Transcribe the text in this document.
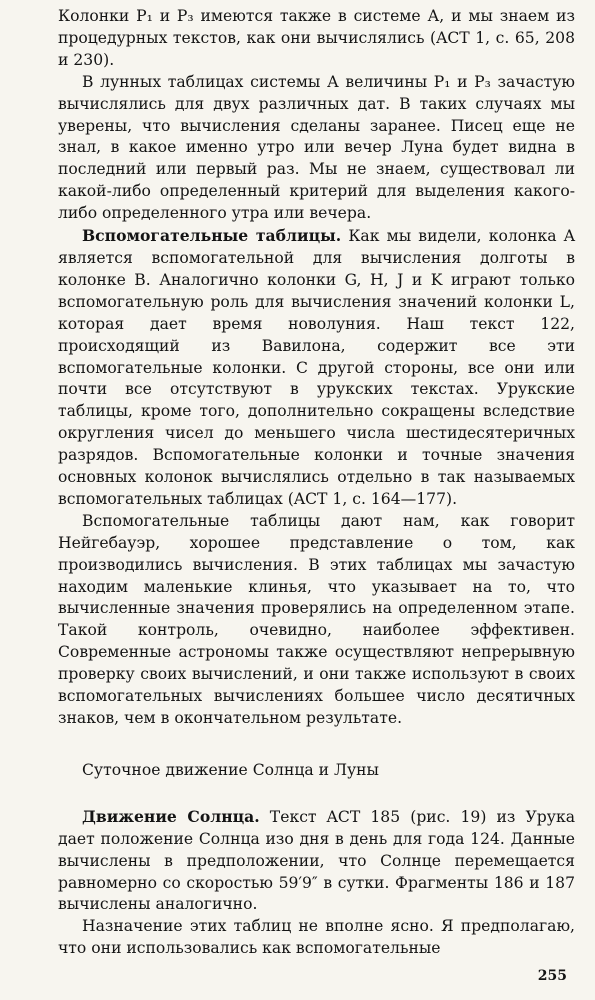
Колонки P₁ и P₃ имеются также в системе А, и мы знаем из процедурных текстов, как они вычислялись (ACT 1, с. 65, 208 и 230).

В лунных таблицах системы А величины P₁ и P₃ зачастую вычислялись для двух различных дат. В таких случаях мы уверены, что вычисления сделаны заранее. Писец еще не знал, в какое именно утро или вечер Луна будет видна в последний или первый раз. Мы не знаем, существовал ли какой-либо определенный критерий для выделения какого-либо определенного утра или вечера.

Вспомогательные таблицы. Как мы видели, колонка A является вспомогательной для вычисления долготы в колонке B. Аналогично колонки G, H, J и K играют только вспомогательную роль для вычисления значений колонки L, которая дает время новолуния. Наш текст 122, происходящий из Вавилона, содержит все эти вспомогательные колонки. С другой стороны, все они или почти все отсутствуют в урукских текстах. Урукские таблицы, кроме того, дополнительно сокращены вследствие округления чисел до меньшего числа шестидесятеричных разрядов. Вспомогательные колонки и точные значения основных колонок вычислялись отдельно в так называемых вспомогательных таблицах (ACT 1, с. 164—177).

Вспомогательные таблицы дают нам, как говорит Нейгебауэр, хорошее представление о том, как производились вычисления. В этих таблицах мы зачастую находим маленькие клинья, что указывает на то, что вычисленные значения проверялись на определенном этапе. Такой контроль, очевидно, наиболее эффективен. Современные астрономы также осуществляют непрерывную проверку своих вычислений, и они также используют в своих вспомогательных вычислениях большее число десятичных знаков, чем в окончательном результате.

Суточное движение Солнца и Луны

Движение Солнца. Текст ACT 185 (рис. 19) из Урука дает положение Солнца изо дня в день для года 124. Данные вычислены в предположении, что Солнце перемещается равномерно со скоростью 59′9″ в сутки. Фрагменты 186 и 187 вычислены аналогично.

Назначение этих таблиц не вполне ясно. Я предполагаю, что они использовались как вспомогательные

255
